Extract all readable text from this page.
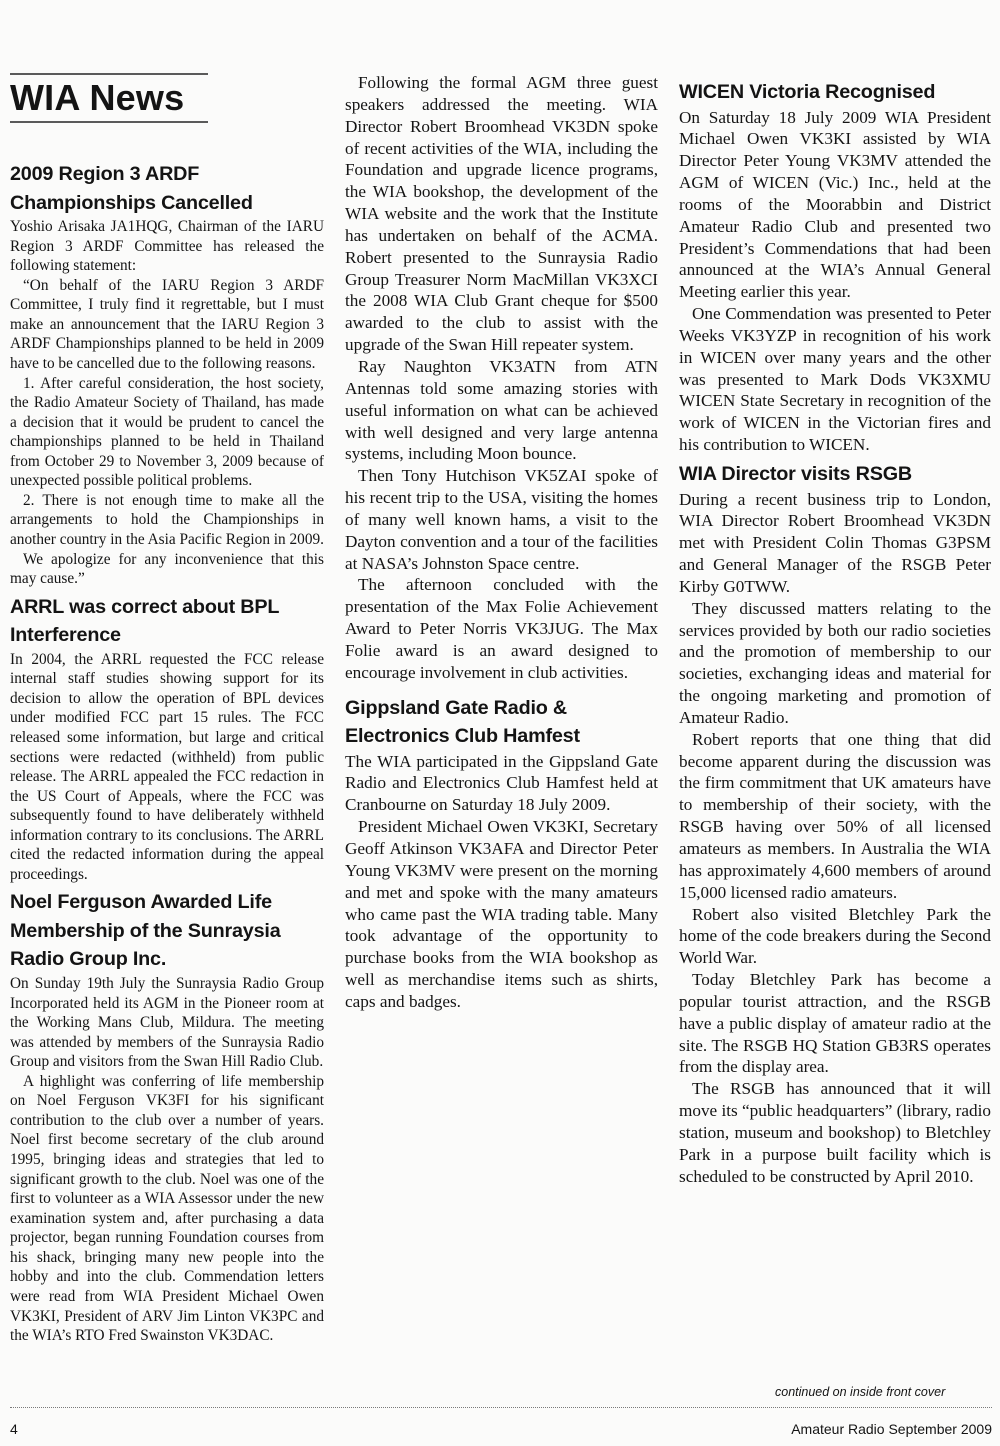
WIA News
2009 Region 3 ARDF Championships Cancelled

Yoshio Arisaka JA1HQG, Chairman of the IARU Region 3 ARDF Committee has released the following statement:

“On behalf of the IARU Region 3 ARDF Committee, I truly find it regrettable, but I must make an announcement that the IARU Region 3 ARDF Championships planned to be held in 2009 have to be cancelled due to the following reasons.

1. After careful consideration, the host society, the Radio Amateur Society of Thailand, has made a decision that it would be prudent to cancel the championships planned to be held in Thailand from October 29 to November 3, 2009 because of unexpected possible political problems.

2. There is not enough time to make all the arrangements to hold the Championships in another country in the Asia Pacific Region in 2009.

We apologize for any inconvenience that this may cause.”

ARRL was correct about BPL Interference

In 2004, the ARRL requested the FCC release internal staff studies showing support for its decision to allow the operation of BPL devices under modified FCC part 15 rules. The FCC released some information, but large and critical sections were redacted (withheld) from public release. The ARRL appealed the FCC redaction in the US Court of Appeals, where the FCC was subsequently found to have deliberately withheld information contrary to its conclusions. The ARRL cited the redacted information during the appeal proceedings.

Noel Ferguson Awarded Life Membership of the Sunraysia Radio Group Inc.

On Sunday 19th July the Sunraysia Radio Group Incorporated held its AGM in the Pioneer room at the Working Mans Club, Mildura. The meeting was attended by members of the Sunraysia Radio Group and visitors from the Swan Hill Radio Club.

A highlight was conferring of life membership on Noel Ferguson VK3FI for his significant contribution to the club over a number of years. Noel first become secretary of the club around 1995, bringing ideas and strategies that led to significant growth to the club. Noel was one of the first to volunteer as a WIA Assessor under the new examination system and, after purchasing a data projector, began running Foundation courses from his shack, bringing many new people into the hobby and into the club. Commendation letters were read from WIA President Michael Owen VK3KI, President of ARV Jim Linton VK3PC and the WIA’s RTO Fred Swainston VK3DAC.

Following the formal AGM three guest speakers addressed the meeting. WIA Director Robert Broomhead VK3DN spoke of recent activities of the WIA, including the Foundation and upgrade licence programs, the WIA bookshop, the development of the WIA website and the work that the Institute has undertaken on behalf of the ACMA. Robert presented to the Sunraysia Radio Group Treasurer Norm MacMillan VK3XCI the 2008 WIA Club Grant cheque for $500 awarded to the club to assist with the upgrade of the Swan Hill repeater system.

Ray Naughton VK3ATN from ATN Antennas told some amazing stories with useful information on what can be achieved with well designed and very large antenna systems, including Moon bounce.

Then Tony Hutchison VK5ZAI spoke of his recent trip to the USA, visiting the homes of many well known hams, a visit to the Dayton convention and a tour of the facilities at NASA’s Johnston Space centre.

The afternoon concluded with the presentation of the Max Folie Achievement Award to Peter Norris VK3JUG. The Max Folie award is an award designed to encourage involvement in club activities.

Gippsland Gate Radio & Electronics Club Hamfest

The WIA participated in the Gippsland Gate Radio and Electronics Club Hamfest held at Cranbourne on Saturday 18 July 2009.

President Michael Owen VK3KI, Secretary Geoff Atkinson VK3AFA and Director Peter Young VK3MV were present on the morning and met and spoke with the many amateurs who came past the WIA trading table. Many took advantage of the opportunity to purchase books from the WIA bookshop as well as merchandise items such as shirts, caps and badges.

WICEN Victoria Recognised

On Saturday 18 July 2009 WIA President Michael Owen VK3KI assisted by WIA Director Peter Young VK3MV attended the AGM of WICEN (Vic.) Inc., held at the rooms of the Moorabbin and District Amateur Radio Club and presented two President’s Commendations that had been announced at the WIA’s Annual General Meeting earlier this year.

One Commendation was presented to Peter Weeks VK3YZP in recognition of his work in WICEN over many years and the other was presented to Mark Dods VK3XMU WICEN State Secretary in recognition of the work of WICEN in the Victorian fires and his contribution to WICEN.

WIA Director visits RSGB

During a recent business trip to London, WIA Director Robert Broomhead VK3DN met with President Colin Thomas G3PSM and General Manager of the RSGB Peter Kirby G0TWW.

They discussed matters relating to the services provided by both our radio societies and the promotion of membership to our societies, exchanging ideas and material for the ongoing marketing and promotion of Amateur Radio.

Robert reports that one thing that did become apparent during the discussion was the firm commitment that UK amateurs have to membership of their society, with the RSGB having over 50% of all licensed amateurs as members. In Australia the WIA has approximately 4,600 members of around 15,000 licensed radio amateurs.

Robert also visited Bletchley Park the home of the code breakers during the Second World War.

Today Bletchley Park has become a popular tourist attraction, and the RSGB have a public display of amateur radio at the site. The RSGB HQ Station GB3RS operates from the display area.

The RSGB has announced that it will move its “public headquarters” (library, radio station, museum and bookshop) to Bletchley Park in a purpose built facility which is scheduled to be constructed by April 2010.

continued on inside front cover
4	Amateur Radio September 2009
